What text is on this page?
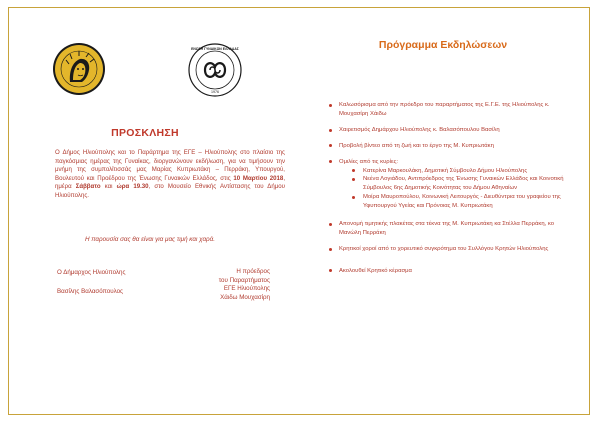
ΕΝΩΣΗ ΓΥΝΑΙΚΩΝ ΕΛΛΑΔΑΣ
1976
ΠΡΟΣΚΛΗΣΗ
Ο Δήμος Ηλιούπολης και το Παράρτημα της ΕΓΕ – Ηλιούπολης στο πλαίσιο της παγκόσμιας ημέρας της Γυναίκας, διοργανώνουν εκδήλωση, για να τιμήσουν την μνήμη της συμπολίτισσάς μας Μαρίας Κυπριωτάκη – Περράκη, Υπουργού, Βουλευτού και Προέδρου της Ένωσης Γυναικών Ελλάδος, στις 10 Μαρτίου 2018, ημέρα Σάββατο και ώρα 19.30, στο Μουσείο Εθνικής Αντίστασης του Δήμου Ηλιούπολης.
Η παρουσία σας θα είναι για μας τιμή και χαρά.
Ο Δήμαρχος Ηλιούπολης
Βασίλης Βαλασόπουλος
Η πρόεδρος
του Παραρτήματος
ΕΓΕ Ηλιούπολης
Χάιδω Μουχασίρη
Πρόγραμμα Εκδηλώσεων
Καλωσόρισμα από την πρόεδρο του παραρτήματος της Ε.Γ.Ε. της Ηλιούπολης κ. Μουχασίρη Χάιδω
Χαιρετισμός Δημάρχου Ηλιούπολης κ. Βαλασόπουλου Βασίλη
Προβολή βίντεο από τη ζωή και το έργο της Μ. Κυπριωτάκη
Ομιλίες από τις κυρίες:
Κατερίνα Μαρκουλάκη, Δημοτική Σύμβουλο Δήμου Ηλιούπολης
Νεένα Λογιάδου, Αντιπρόεδρος της Ένωσης Γυναικών Ελλάδος και Κοινοτική Σύμβουλος 6ης Δημοτικής Κοινότητας του Δήμου Αθηναίων
Μοίρα Μαυροπούλου, Κοινωνική Λειτουργός - Διευθύντρια του γραφείου της Υφυπουργού Υγείας και Πρόνοιας Μ. Κυπριωτάκη
Απονομή τιμητικής πλακέτας στα τέκνα της Μ. Κυπριωτάκη κα Στέλλα Περράκη, κο Μανώλη Περράκη
Κρητικοί χοροί από το χορευτικό συγκρότημα του Συλλόγου Κρητών Ηλιούπολης
Ακολουθεί Κρητικό κέρασμα
